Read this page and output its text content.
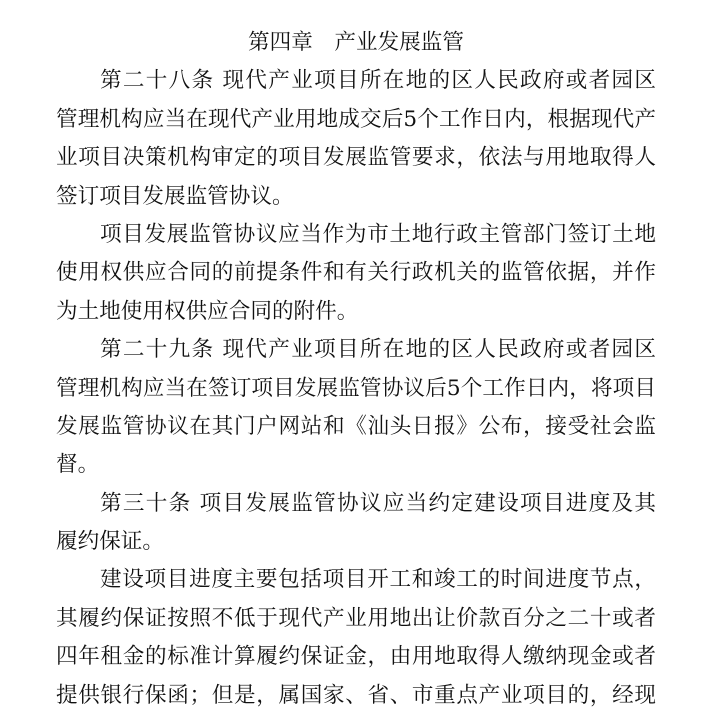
第四章　产业发展监管
第二十八条 现代产业项目所在地的区人民政府或者园区
管理机构应当在现代产业用地成交后5个工作日内，根据现代产
业项目决策机构审定的项目发展监管要求，依法与用地取得人
签订项目发展监管协议。
项目发展监管协议应当作为市土地行政主管部门签订土地
使用权供应合同的前提条件和有关行政机关的监管依据，并作
为土地使用权供应合同的附件。
第二十九条 现代产业项目所在地的区人民政府或者园区
管理机构应当在签订项目发展监管协议后5个工作日内，将项目
发展监管协议在其门户网站和《汕头日报》公布，接受社会监
督。
第三十条 项目发展监管协议应当约定建设项目进度及其
履约保证。
建设项目进度主要包括项目开工和竣工的时间进度节点，
其履约保证按照不低于现代产业用地出让价款百分之二十或者
四年租金的标准计算履约保证金，由用地取得人缴纳现金或者
提供银行保函；但是，属国家、省、市重点产业项目的，经现
